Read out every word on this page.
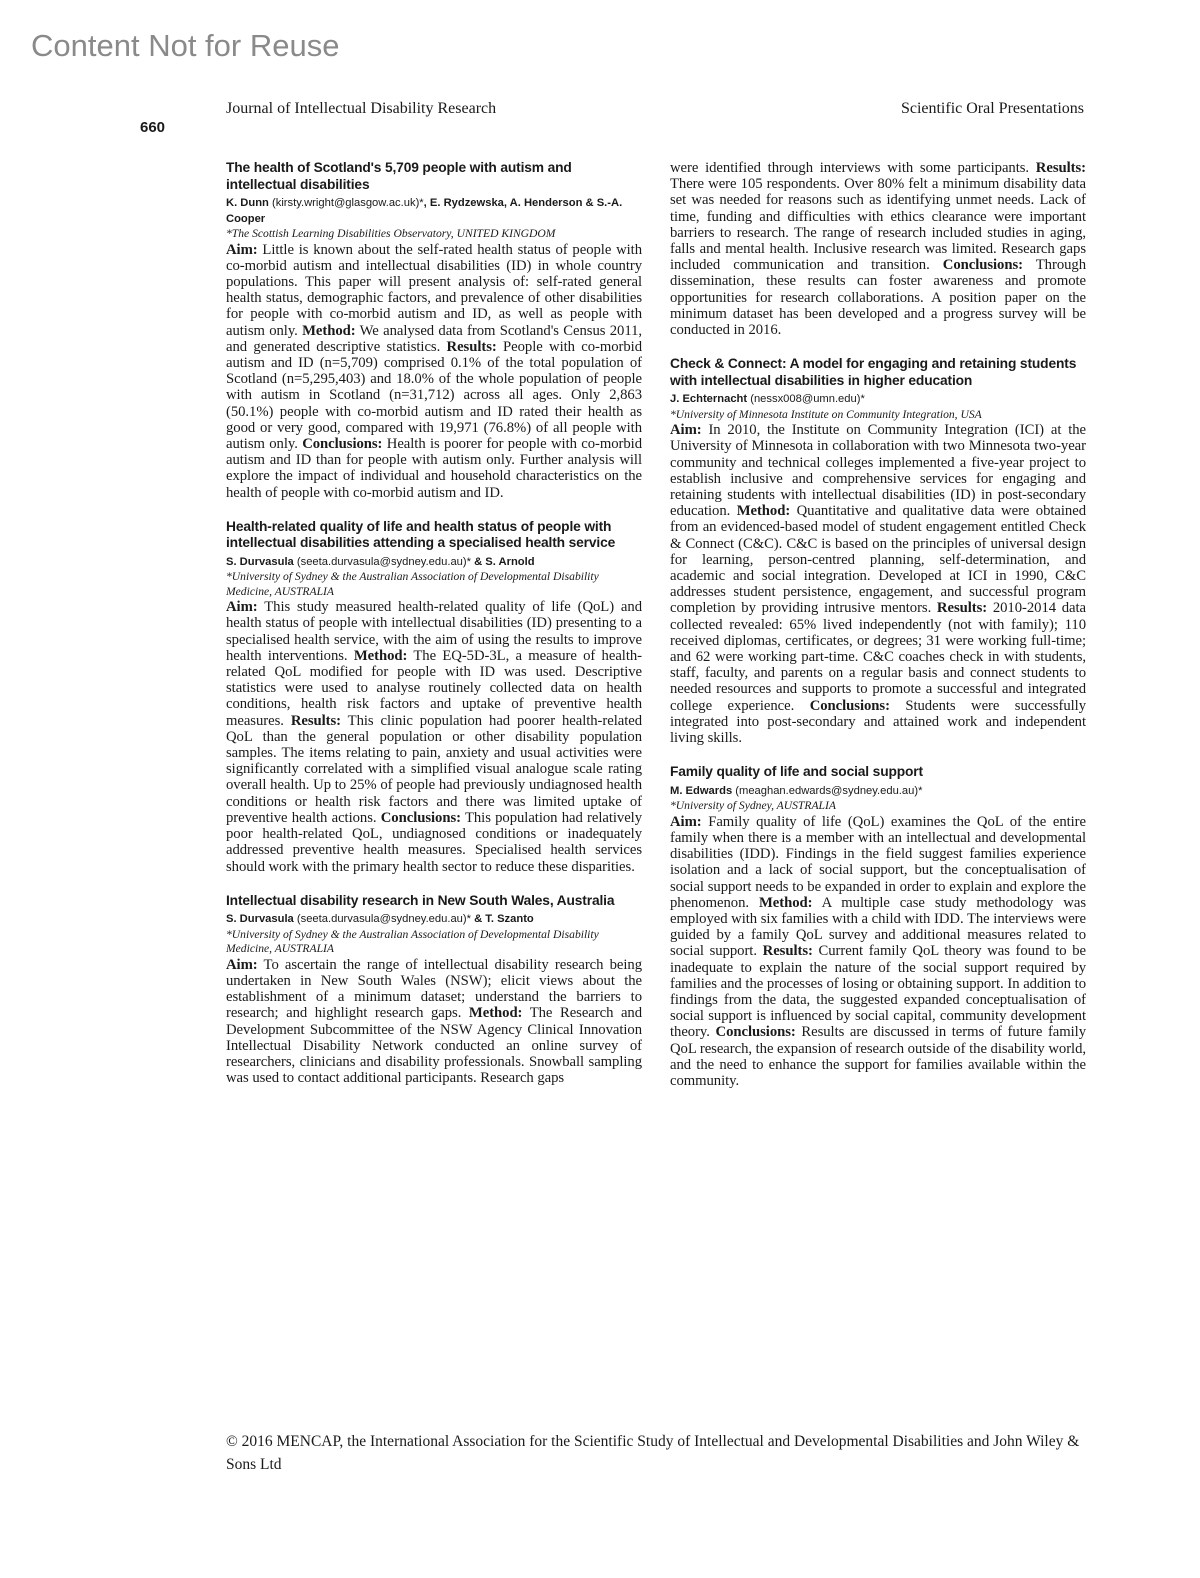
Content Not for Reuse
Journal of Intellectual Disability Research	Scientific Oral Presentations
660
The health of Scotland's 5,709 people with autism and intellectual disabilities
K. Dunn (kirsty.wright@glasgow.ac.uk)*, E. Rydzewska, A. Henderson & S.-A. Cooper
*The Scottish Learning Disabilities Observatory, UNITED KINGDOM

Aim: Little is known about the self-rated health status of people with co-morbid autism and intellectual disabilities (ID) in whole country populations. This paper will present analysis of: self-rated general health status, demographic factors, and prevalence of other disabilities for people with co-morbid autism and ID, as well as people with autism only. Method: We analysed data from Scotland's Census 2011, and generated descriptive statistics. Results: People with co-morbid autism and ID (n=5,709) comprised 0.1% of the total population of Scotland (n=5,295,403) and 18.0% of the whole population of people with autism in Scotland (n=31,712) across all ages. Only 2,863 (50.1%) people with co-morbid autism and ID rated their health as good or very good, compared with 19,971 (76.8%) of all people with autism only. Conclusions: Health is poorer for people with co-morbid autism and ID than for people with autism only. Further analysis will explore the impact of individual and household characteristics on the health of people with co-morbid autism and ID.

Health-related quality of life and health status of people with intellectual disabilities attending a specialised health service
S. Durvasula (seeta.durvasula@sydney.edu.au)* & S. Arnold
*University of Sydney & the Australian Association of Developmental Disability Medicine, AUSTRALIA

Aim: This study measured health-related quality of life (QoL) and health status of people with intellectual disabilities (ID) presenting to a specialised health service, with the aim of using the results to improve health interventions. Method: The EQ-5D-3L, a measure of health-related QoL modified for people with ID was used. Descriptive statistics were used to analyse routinely collected data on health conditions, health risk factors and uptake of preventive health measures. Results: This clinic population had poorer health-related QoL than the general population or other disability population samples. The items relating to pain, anxiety and usual activities were significantly correlated with a simplified visual analogue scale rating overall health. Up to 25% of people had previously undiagnosed health conditions or health risk factors and there was limited uptake of preventive health actions. Conclusions: This population had relatively poor health-related QoL, undiagnosed conditions or inadequately addressed preventive health measures. Specialised health services should work with the primary health sector to reduce these disparities.

Intellectual disability research in New South Wales, Australia
S. Durvasula (seeta.durvasula@sydney.edu.au)* & T. Szanto
*University of Sydney & the Australian Association of Developmental Disability Medicine, AUSTRALIA

Aim: To ascertain the range of intellectual disability research being undertaken in New South Wales (NSW); elicit views about the establishment of a minimum dataset; understand the barriers to research; and highlight research gaps. Method: The Research and Development Subcommittee of the NSW Agency Clinical Innovation Intellectual Disability Network conducted an online survey of researchers, clinicians and disability professionals. Snowball sampling was used to contact additional participants. Research gaps

were identified through interviews with some participants. Results: There were 105 respondents. Over 80% felt a minimum disability data set was needed for reasons such as identifying unmet needs. Lack of time, funding and difficulties with ethics clearance were important barriers to research. The range of research included studies in aging, falls and mental health. Inclusive research was limited. Research gaps included communication and transition. Conclusions: Through dissemination, these results can foster awareness and promote opportunities for research collaborations. A position paper on the minimum dataset has been developed and a progress survey will be conducted in 2016.

Check & Connect: A model for engaging and retaining students with intellectual disabilities in higher education
J. Echternacht (nessx008@umn.edu)*
*University of Minnesota Institute on Community Integration, USA

Aim: In 2010, the Institute on Community Integration (ICI) at the University of Minnesota in collaboration with two Minnesota two-year community and technical colleges implemented a five-year project to establish inclusive and comprehensive services for engaging and retaining students with intellectual disabilities (ID) in post-secondary education. Method: Quantitative and qualitative data were obtained from an evidenced-based model of student engagement entitled Check & Connect (C&C). C&C is based on the principles of universal design for learning, person-centred planning, self-determination, and academic and social integration. Developed at ICI in 1990, C&C addresses student persistence, engagement, and successful program completion by providing intrusive mentors. Results: 2010-2014 data collected revealed: 65% lived independently (not with family); 110 received diplomas, certificates, or degrees; 31 were working full-time; and 62 were working part-time. C&C coaches check in with students, staff, faculty, and parents on a regular basis and connect students to needed resources and supports to promote a successful and integrated college experience. Conclusions: Students were successfully integrated into post-secondary and attained work and independent living skills.

Family quality of life and social support
M. Edwards (meaghan.edwards@sydney.edu.au)*
*University of Sydney, AUSTRALIA

Aim: Family quality of life (QoL) examines the QoL of the entire family when there is a member with an intellectual and developmental disabilities (IDD). Findings in the field suggest families experience isolation and a lack of social support, but the conceptualisation of social support needs to be expanded in order to explain and explore the phenomenon. Method: A multiple case study methodology was employed with six families with a child with IDD. The interviews were guided by a family QoL survey and additional measures related to social support. Results: Current family QoL theory was found to be inadequate to explain the nature of the social support required by families and the processes of losing or obtaining support. In addition to findings from the data, the suggested expanded conceptualisation of social support is influenced by social capital, community development theory. Conclusions: Results are discussed in terms of future family QoL research, the expansion of research outside of the disability world, and the need to enhance the support for families available within the community.

© 2016 MENCAP, the International Association for the Scientific Study of Intellectual and Developmental Disabilities and John Wiley & Sons Ltd
